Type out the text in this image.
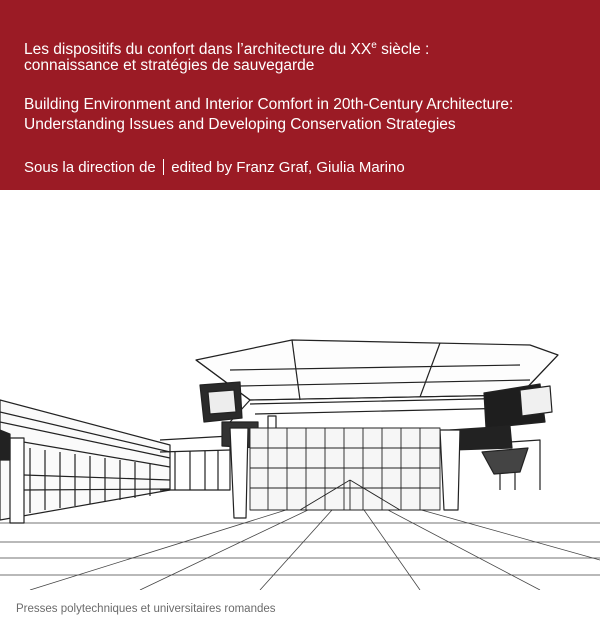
Les dispositifs du confort dans l’architecture du XXe siècle :
connaissance et stratégies de sauvegarde
Building Environment and Interior Comfort in 20th-Century Architecture:
Understanding Issues and Developing Conservation Strategies
Sous la direction de edited by Franz Graf, Giulia Marino
Presses polytechniques et universitaires romandes
